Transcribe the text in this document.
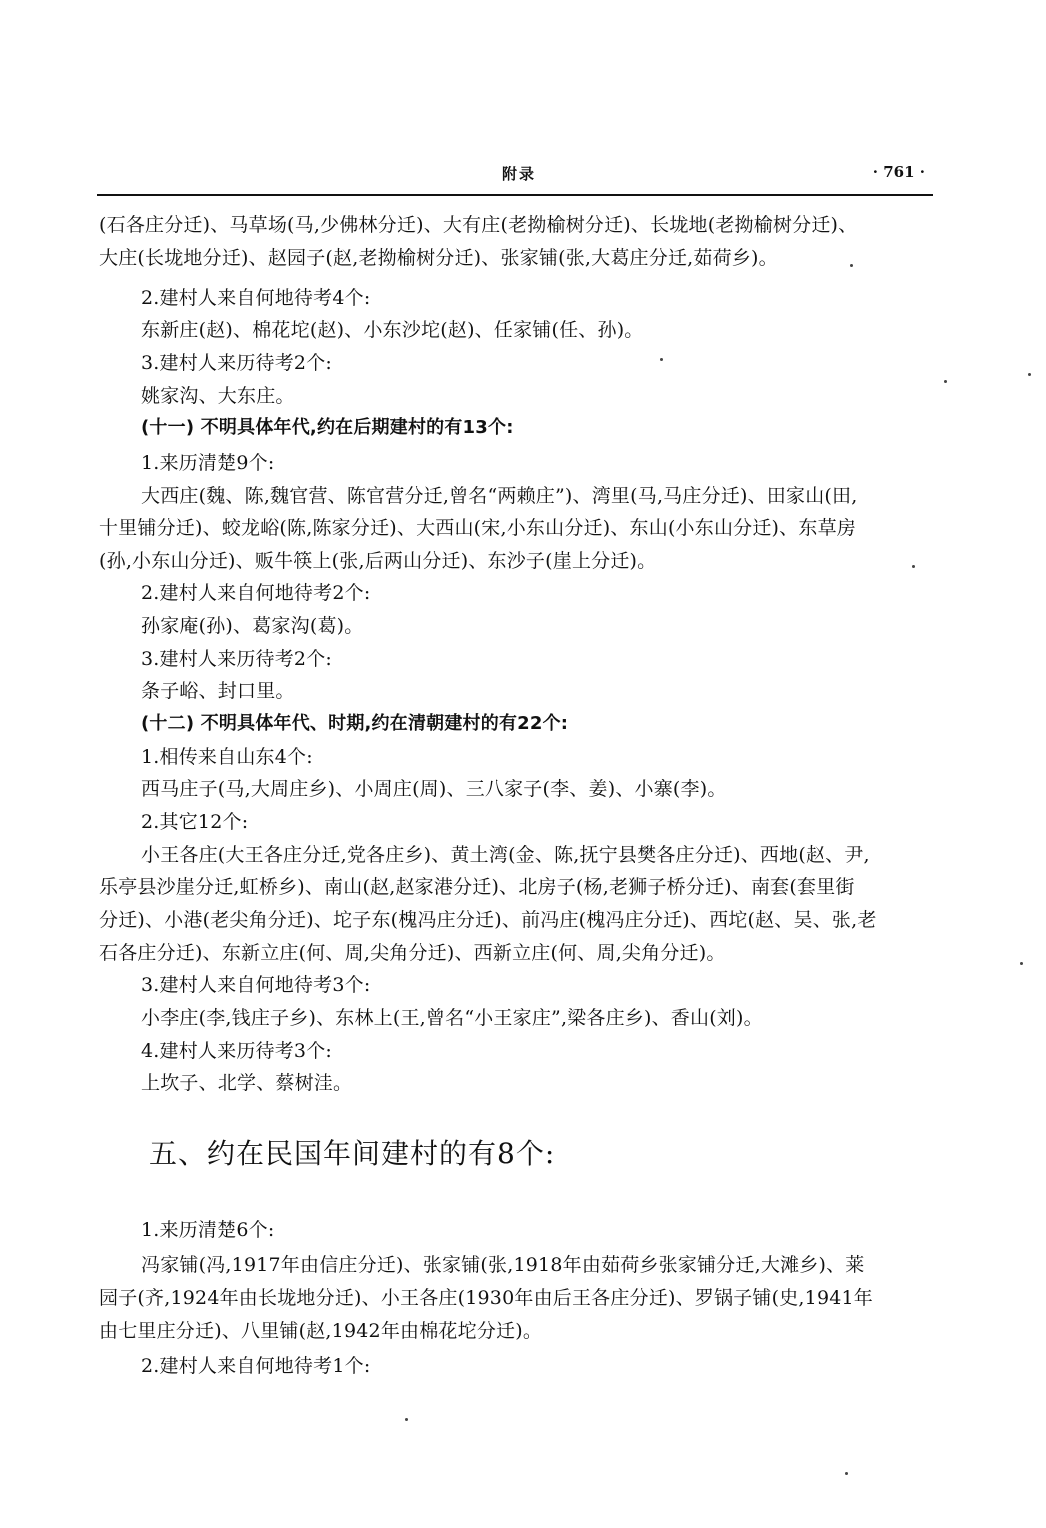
附录	· 761 ·
(石各庄分迁)、马草场(马,少佛林分迁)、大有庄(老拗榆树分迁)、长垅地(老拗榆树分迁)、
大庄(长垅地分迁)、赵园子(赵,老拗榆树分迁)、张家铺(张,大葛庄分迁,茹荷乡)。
2.建村人来自何地待考4个:
东新庄(赵)、棉花坨(赵)、小东沙坨(赵)、任家铺(任、孙)。
3.建村人来历待考2个:
姚家沟、大东庄。
(十一) 不明具体年代,约在后期建村的有13个:
1.来历清楚9个:
大西庄(魏、陈,魏官营、陈官营分迁,曾名“两赖庄”)、湾里(马,马庄分迁)、田家山(田,
十里铺分迁)、蛟龙峪(陈,陈家分迁)、大西山(宋,小东山分迁)、东山(小东山分迁)、东草房
(孙,小东山分迁)、贩牛筷上(张,后两山分迁)、东沙子(崖上分迁)。
2.建村人来自何地待考2个:
孙家庵(孙)、葛家沟(葛)。
3.建村人来历待考2个:
条子峪、封口里。
(十二) 不明具体年代、时期,约在清朝建村的有22个:
1.相传来自山东4个:
西马庄子(马,大周庄乡)、小周庄(周)、三八家子(李、姜)、小寨(李)。
2.其它12个:
小王各庄(大王各庄分迁,党各庄乡)、黄土湾(金、陈,抚宁县樊各庄分迁)、西地(赵、尹,
乐亭县沙崖分迁,虹桥乡)、南山(赵,赵家港分迁)、北房子(杨,老狮子桥分迁)、南套(套里街
分迁)、小港(老尖角分迁)、坨子东(槐冯庄分迁)、前冯庄(槐冯庄分迁)、西坨(赵、吴、张,老
石各庄分迁)、东新立庄(何、周,尖角分迁)、西新立庄(何、周,尖角分迁)。
3.建村人来自何地待考3个:
小李庄(李,钱庄子乡)、东林上(王,曾名“小王家庄”,梁各庄乡)、香山(刘)。
4.建村人来历待考3个:
上坎子、北学、蔡树洼。
五、约在民国年间建村的有8个:
1.来历清楚6个:
冯家铺(冯,1917年由信庄分迁)、张家铺(张,1918年由茹荷乡张家铺分迁,大滩乡)、莱
园子(齐,1924年由长垅地分迁)、小王各庄(1930年由后王各庄分迁)、罗锅子铺(史,1941年
由七里庄分迁)、八里铺(赵,1942年由棉花坨分迁)。
2.建村人来自何地待考1个:
